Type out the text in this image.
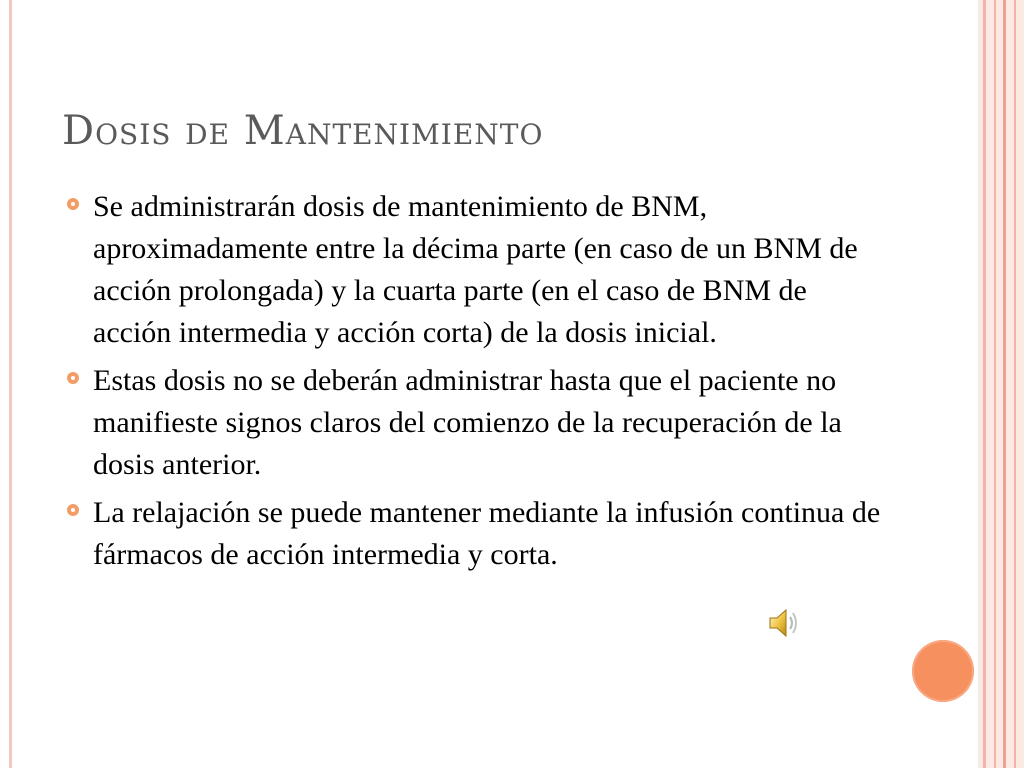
Dosis de Mantenimiento
Se administrarán dosis de mantenimiento de BNM, aproximadamente entre la décima parte (en caso de un BNM de acción prolongada) y la cuarta parte (en el caso de BNM de acción intermedia y acción corta) de la dosis inicial.
Estas dosis no se deberán administrar hasta que el paciente no manifieste signos claros del comienzo de la recuperación de la dosis anterior.
La relajación se puede mantener mediante la infusión continua de fármacos de acción intermedia y corta.
